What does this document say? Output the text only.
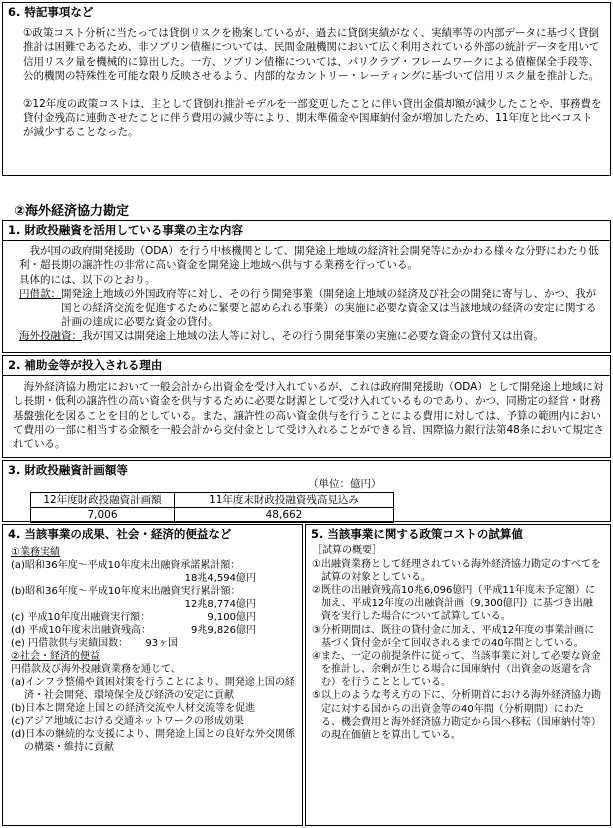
6. 特記事項など

①政策コスト分析に当たっては貸倒リスクを勘案しているが、過去に貸倒実績がなく、実績率等の内部データに基づく貸倒推計は困難であるため、非ソブリン債権については、民間金融機関において広く利用されている外部の統計データを用いて信用リスク量を機械的に算出した。一方、ソブリン債権については、パリクラブ・フレームワークによる債権保全手段等、公的機関の特殊性を可能な限り反映させるよう、内部的なカントリー・レーティングに基づいて信用リスク量を推計した。

②12年度の政策コストは、主として貸倒れ推計モデルを一部変更したことに伴い貸出金償却額が減少したことや、事務費を貸付金残高に連動させたことに伴う費用の減少等により、期末準備金や国庫納付金が増加したため、11年度と比べコストが減少することなった。

②海外経済協力勘定
1. 財政投融資を活用している事業の主な内容

我が国の政府開発援助（ODA）を行う中核機関として、開発途上地域の経済社会開発等にかかわる様々な分野にわたり低利・超長期の譲許性の非常に高い資金を開発途上地域へ供与する業務を行っている。

具体的には、以下のとおり。

円借款： 開発途上地域の外国政府等に対し、その行う開発事業（開発途上地域の経済及び社会の開発に寄与し、かつ、我が国との経済交流を促進するために緊要と認められる事業）の実施に必要な資金又は当該地域の経済の安定に関する計画の達成に必要な資金の貸付。
海外投融資： 我が国又は開発途上地域の法人等に対し、その行う開発事業の実施に必要な資金の貸付又は出資。
2. 補助金等が投入される理由

海外経済協力勘定において一般会計から出資金を受け入れているが、これは政府開発援助（ODA）として開発途上地域に対し長期・低利の譲許性の高い資金を供与するために必要な財源として受け入れているものであり、かつ、同勘定の経営・財務基盤強化を図ることを目的としている。また、譲許性の高い資金供与を行うことによる費用に対しては、予算の範囲内において費用の一部に相当する金額を一般会計から交付金として受け入れることができる旨、国際協力銀行法第48条において規定されている。

3. 財政投融資計画額等
（単位：億円）
12年度財政投融資計画額	11年度末財政投融資残高見込み
7,006	48,662
4. 当該事業の成果、社会・経済的便益など

①業務実績

(a)昭和36年度～平成10年度末出融資承諾累計額：

18兆4,594億円

(b)昭和36年度～平成10年度末出融資実行累計額：

12兆8,774億円

(c) 平成10年度出融資実行額：	9,100億円
(d) 平成10年度末出融資残高：	9兆9,826億円
(e) 円借款供与実績国数： 93ヶ国

②社会・経済的便益

円借款及び海外投融資業務を通じて、

(a)インフラ整備や貧困対策を行うことにより、開発途上国の経済・社会開発、環境保全及び経済の安定に貢献

(b)日本と開発途上国との経済交流や人材交流等を促進

(c)アジア地域における交通ネットワークの形成効果

(d)日本の継続的な支援により、開発途上国との良好な外交関係の構築・維持に貢献

5. 当該事業に関する政策コストの試算値

［試算の概要］

① 出融資業務として経理されている海外経済協力勘定のすべてを試算の対象としている。
② 既往の出融資残高10兆6,096億円（平成11年度末予定額）に加え、平成12年度の出融資計画（9,300億円）に基づき出融資を実行した場合について試算している。
③ 分析期間は、既往の貸付金に加え、平成12年度の事業計画に基づく貸付金が全て回収されるまでの40年間としている。
④ また、一定の前提条件に従って、当該事業に対して必要な資金を推計し、余剰が生じる場合に国庫納付（出資金の返還を含む）を行うこととしている。
⑤ 以上のような考え方の下に、分析期首における海外経済協力勘定に対する国からの出資金等の40年間（分析期間）にわたる、機会費用と海外経済協力勘定から国へ移転（国庫納付等）の現在価値とを算出している。
